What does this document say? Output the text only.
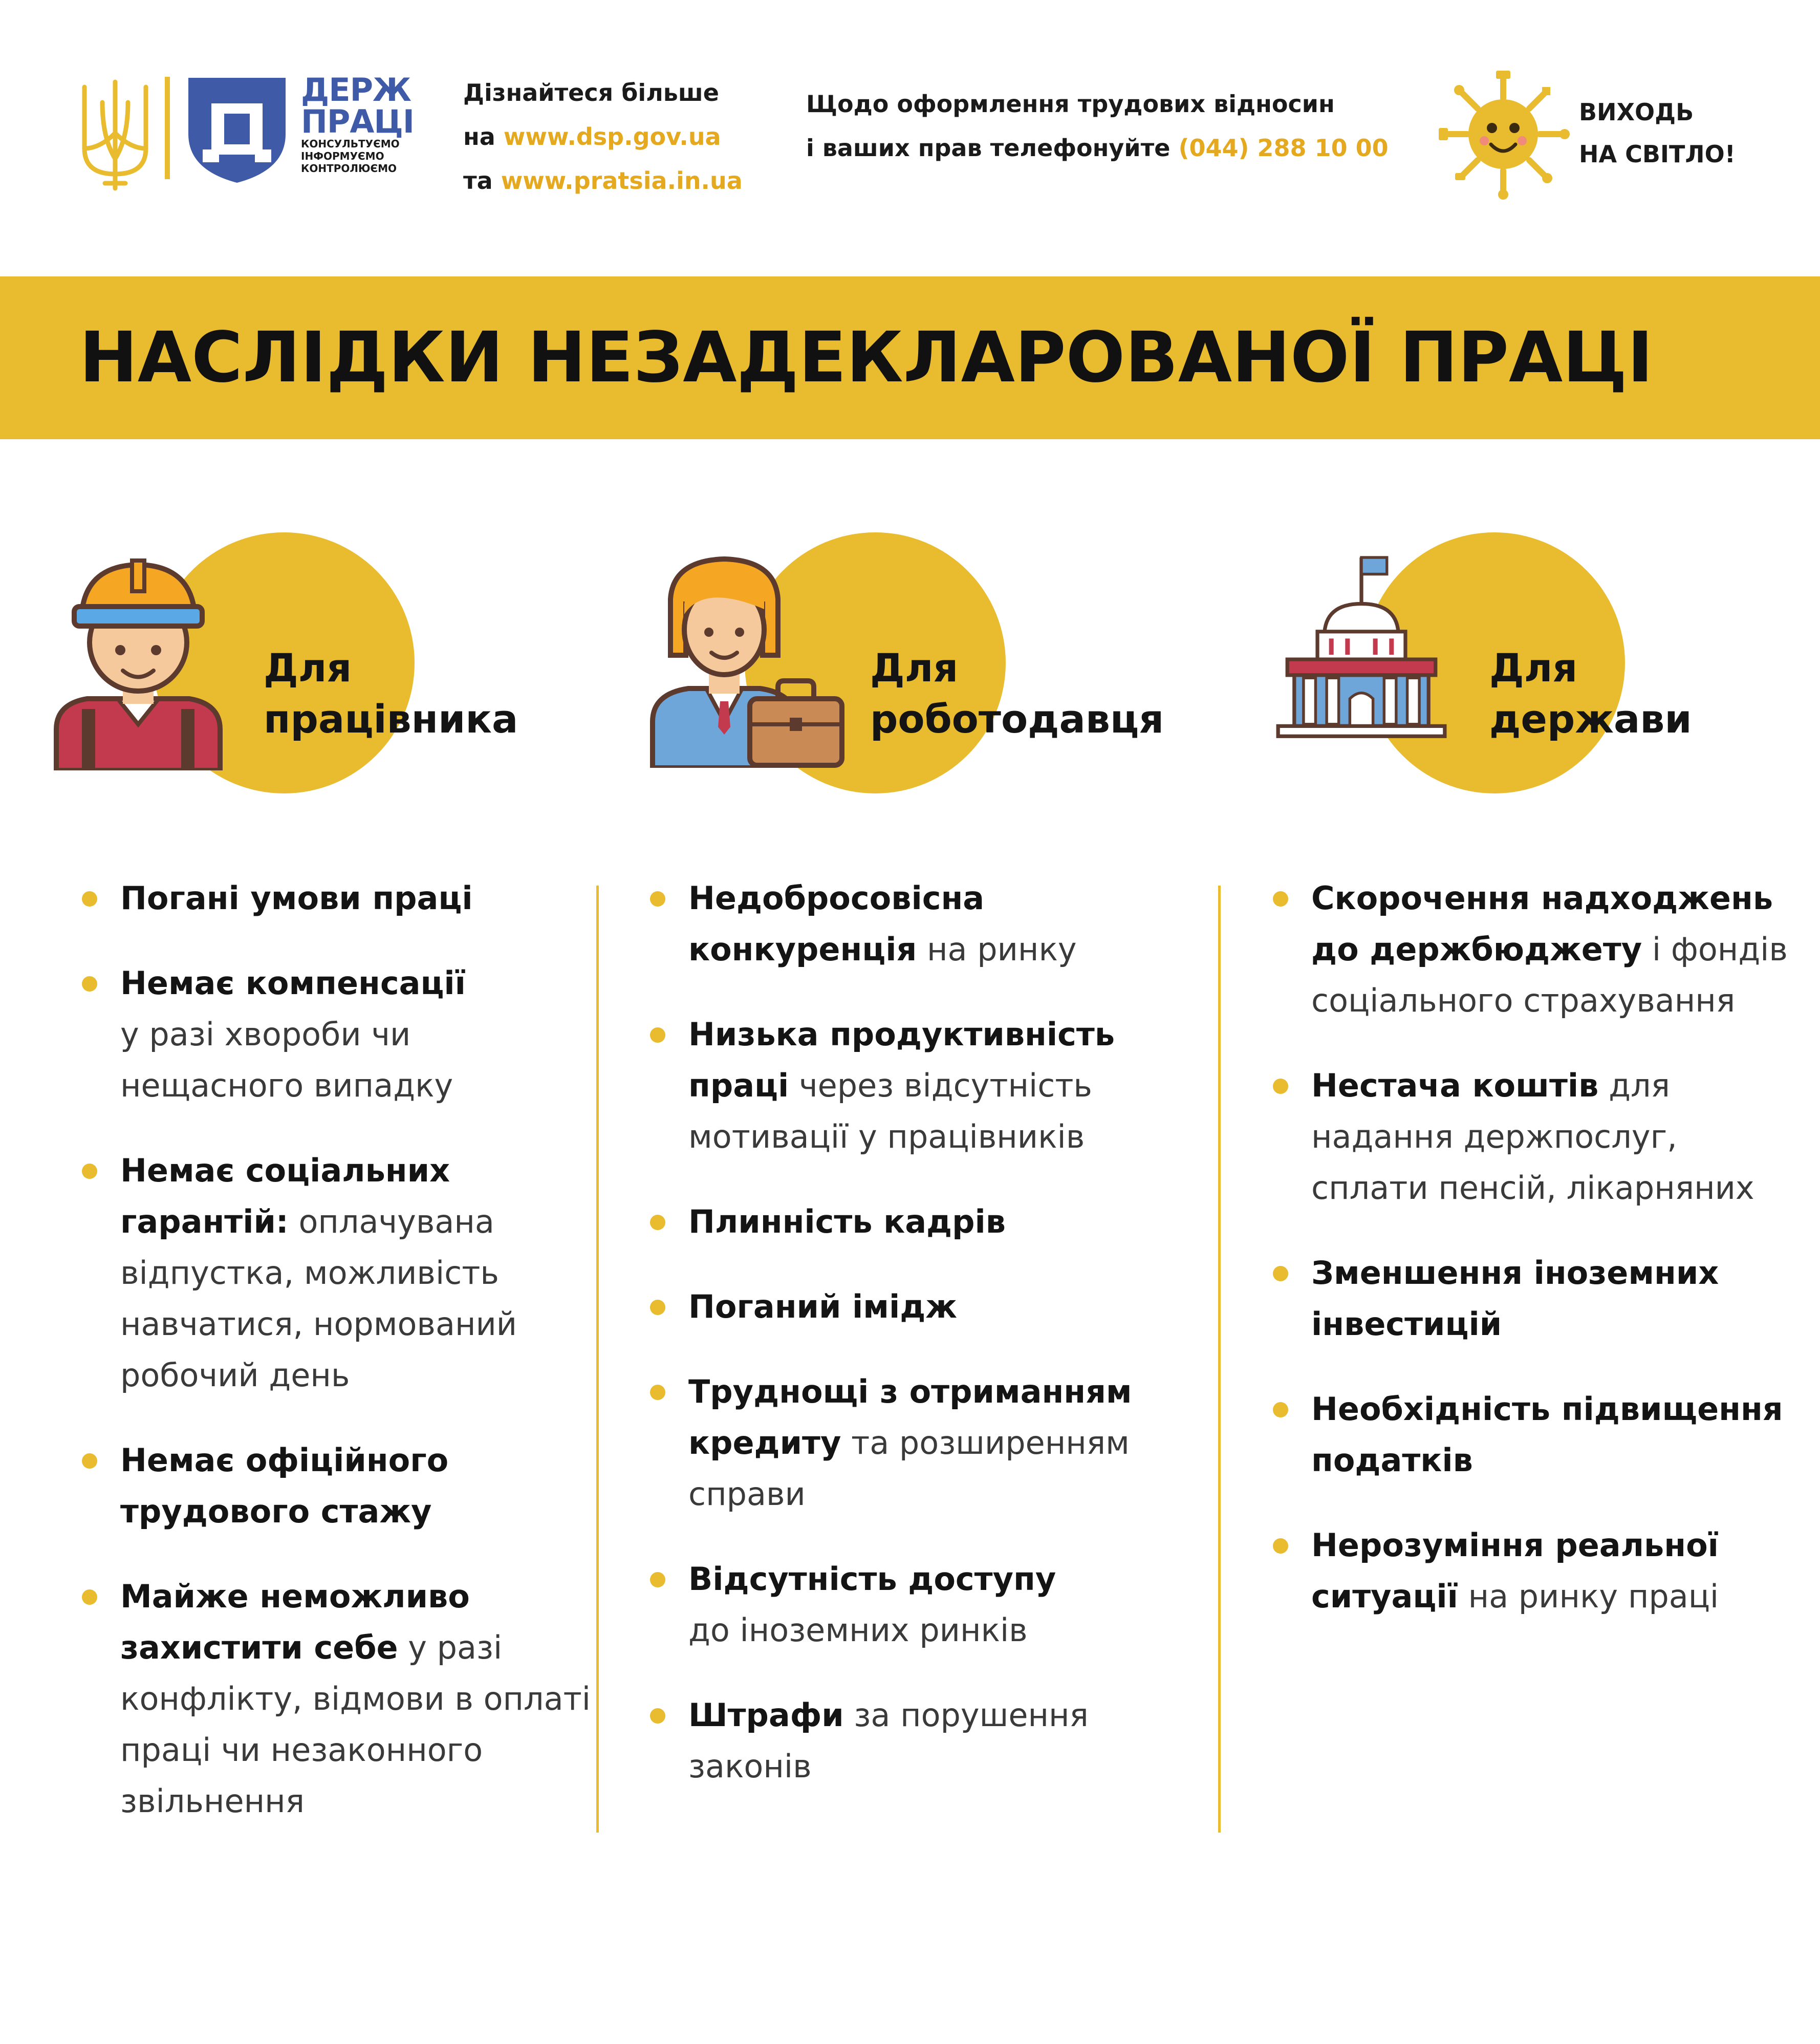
ДЕРЖ
ПРАЦІ
КОНСУЛЬТУЄМО
ІНФОРМУЄМО
КОНТРОЛЮЄМО
Дізнайтеся більше
на www.dsp.gov.ua
та www.pratsia.in.ua
Щодо оформлення трудових відносин
і ваших прав телефонуйте (044) 288 10 00
ВИХОДЬ
НА СВІТЛО!
НАСЛІДКИ НЕЗАДЕКЛАРОВАНОЇ ПРАЦІ
Для
працівника
Погані умови праці
Немає компенсації
у разі хвороби чи нещасного випадку
Немає соціальних гарантій: оплачувана відпустка, можливість навчатися, нормований робочий день
Немає офіційного трудового стажу
Майже неможливо захистити себе у разі конфлікту, відмови в оплаті праці чи незаконного звільнення
Для
роботодавця
Недобросовісна конкуренція на ринку
Низька продуктивність праці через відсутність мотивації у працівників
Плинність кадрів
Поганий імідж
Труднощі з отриманням кредиту та розширенням справи
Відсутність доступу
до іноземних ринків
Штрафи за порушення законів
Для
держави
Скорочення надходжень до держбюджету і фондів соціального страхування
Нестача коштів для надання держпослуг, сплати пенсій, лікарняних
Зменшення іноземних інвестицій
Необхідність підвищення податків
Нерозуміння реальної ситуації на ринку праці
